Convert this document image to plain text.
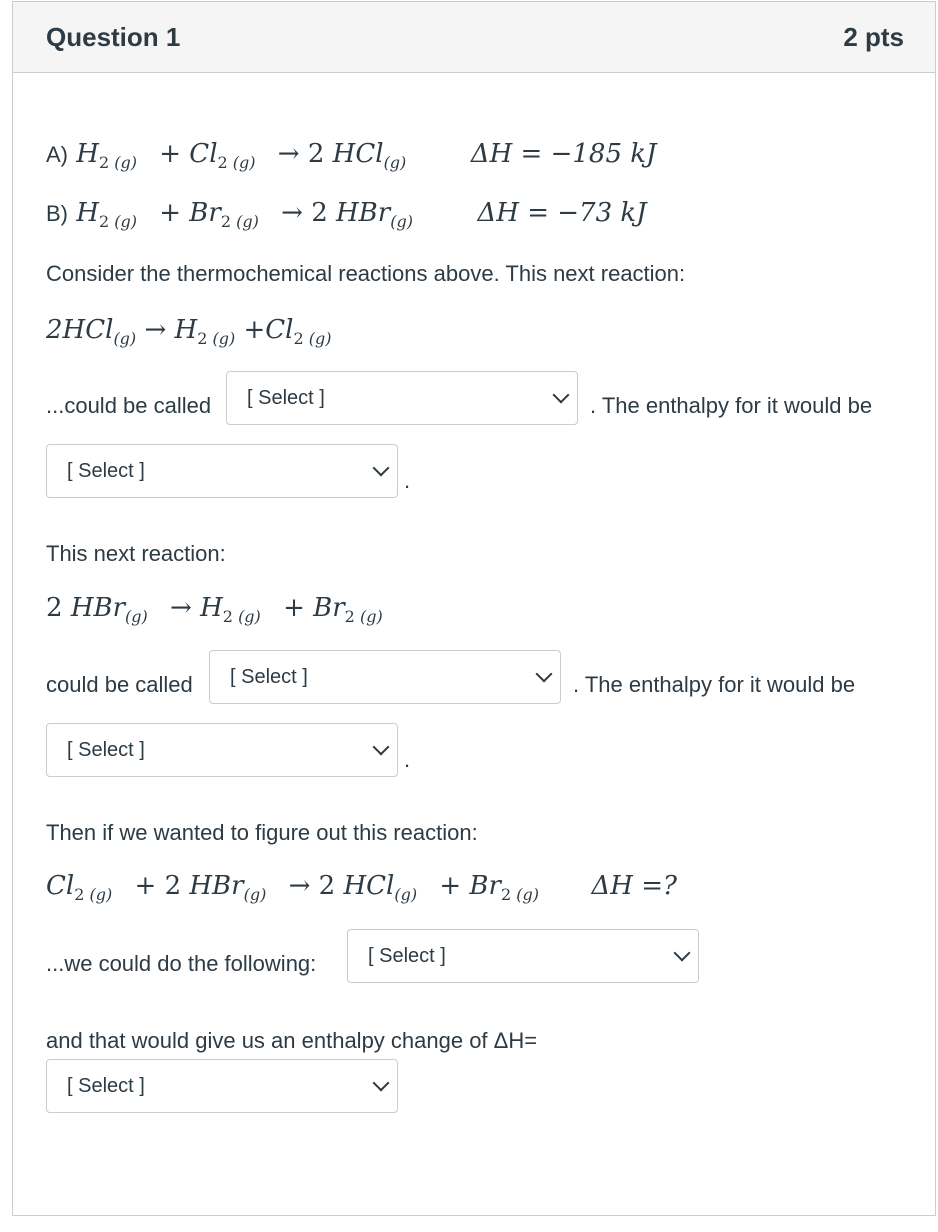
Question 1	2 pts
A) $H_{2 (g)} + Cl_{2 (g)} \to 2$ HCl$_{(g)}$ ΔH = −185 kJ
B) $H_{2 (g)} + Br_{2 (g)} \to 2$ HBr$_{(g)}$ ΔH = −73 kJ
Consider the thermochemical reactions above. This next reaction:
$2HCl_{(g)} \to H_{2 (g)} +Cl_{2 (g)}$
...could be called [ Select ]	. The enthalpy for it would be
[ Select ]	.
This next reaction:
2 $HBr_{(g)} \to H_{2 (g)} + Br_{2 (g)}$
could be called [ Select ]	. The enthalpy for it would be
[ Select ]	.
Then if we wanted to figure out this reaction:
$Cl_{2 (g)} + 2$ HBr$_{(g)}$ → 2 $HCl_{(g)} + Br_{2 (g)}$ ΔH =?
...we could do the following:	[ Select ]
and that would give us an enthalpy change of ΔH=
[ Select ]
